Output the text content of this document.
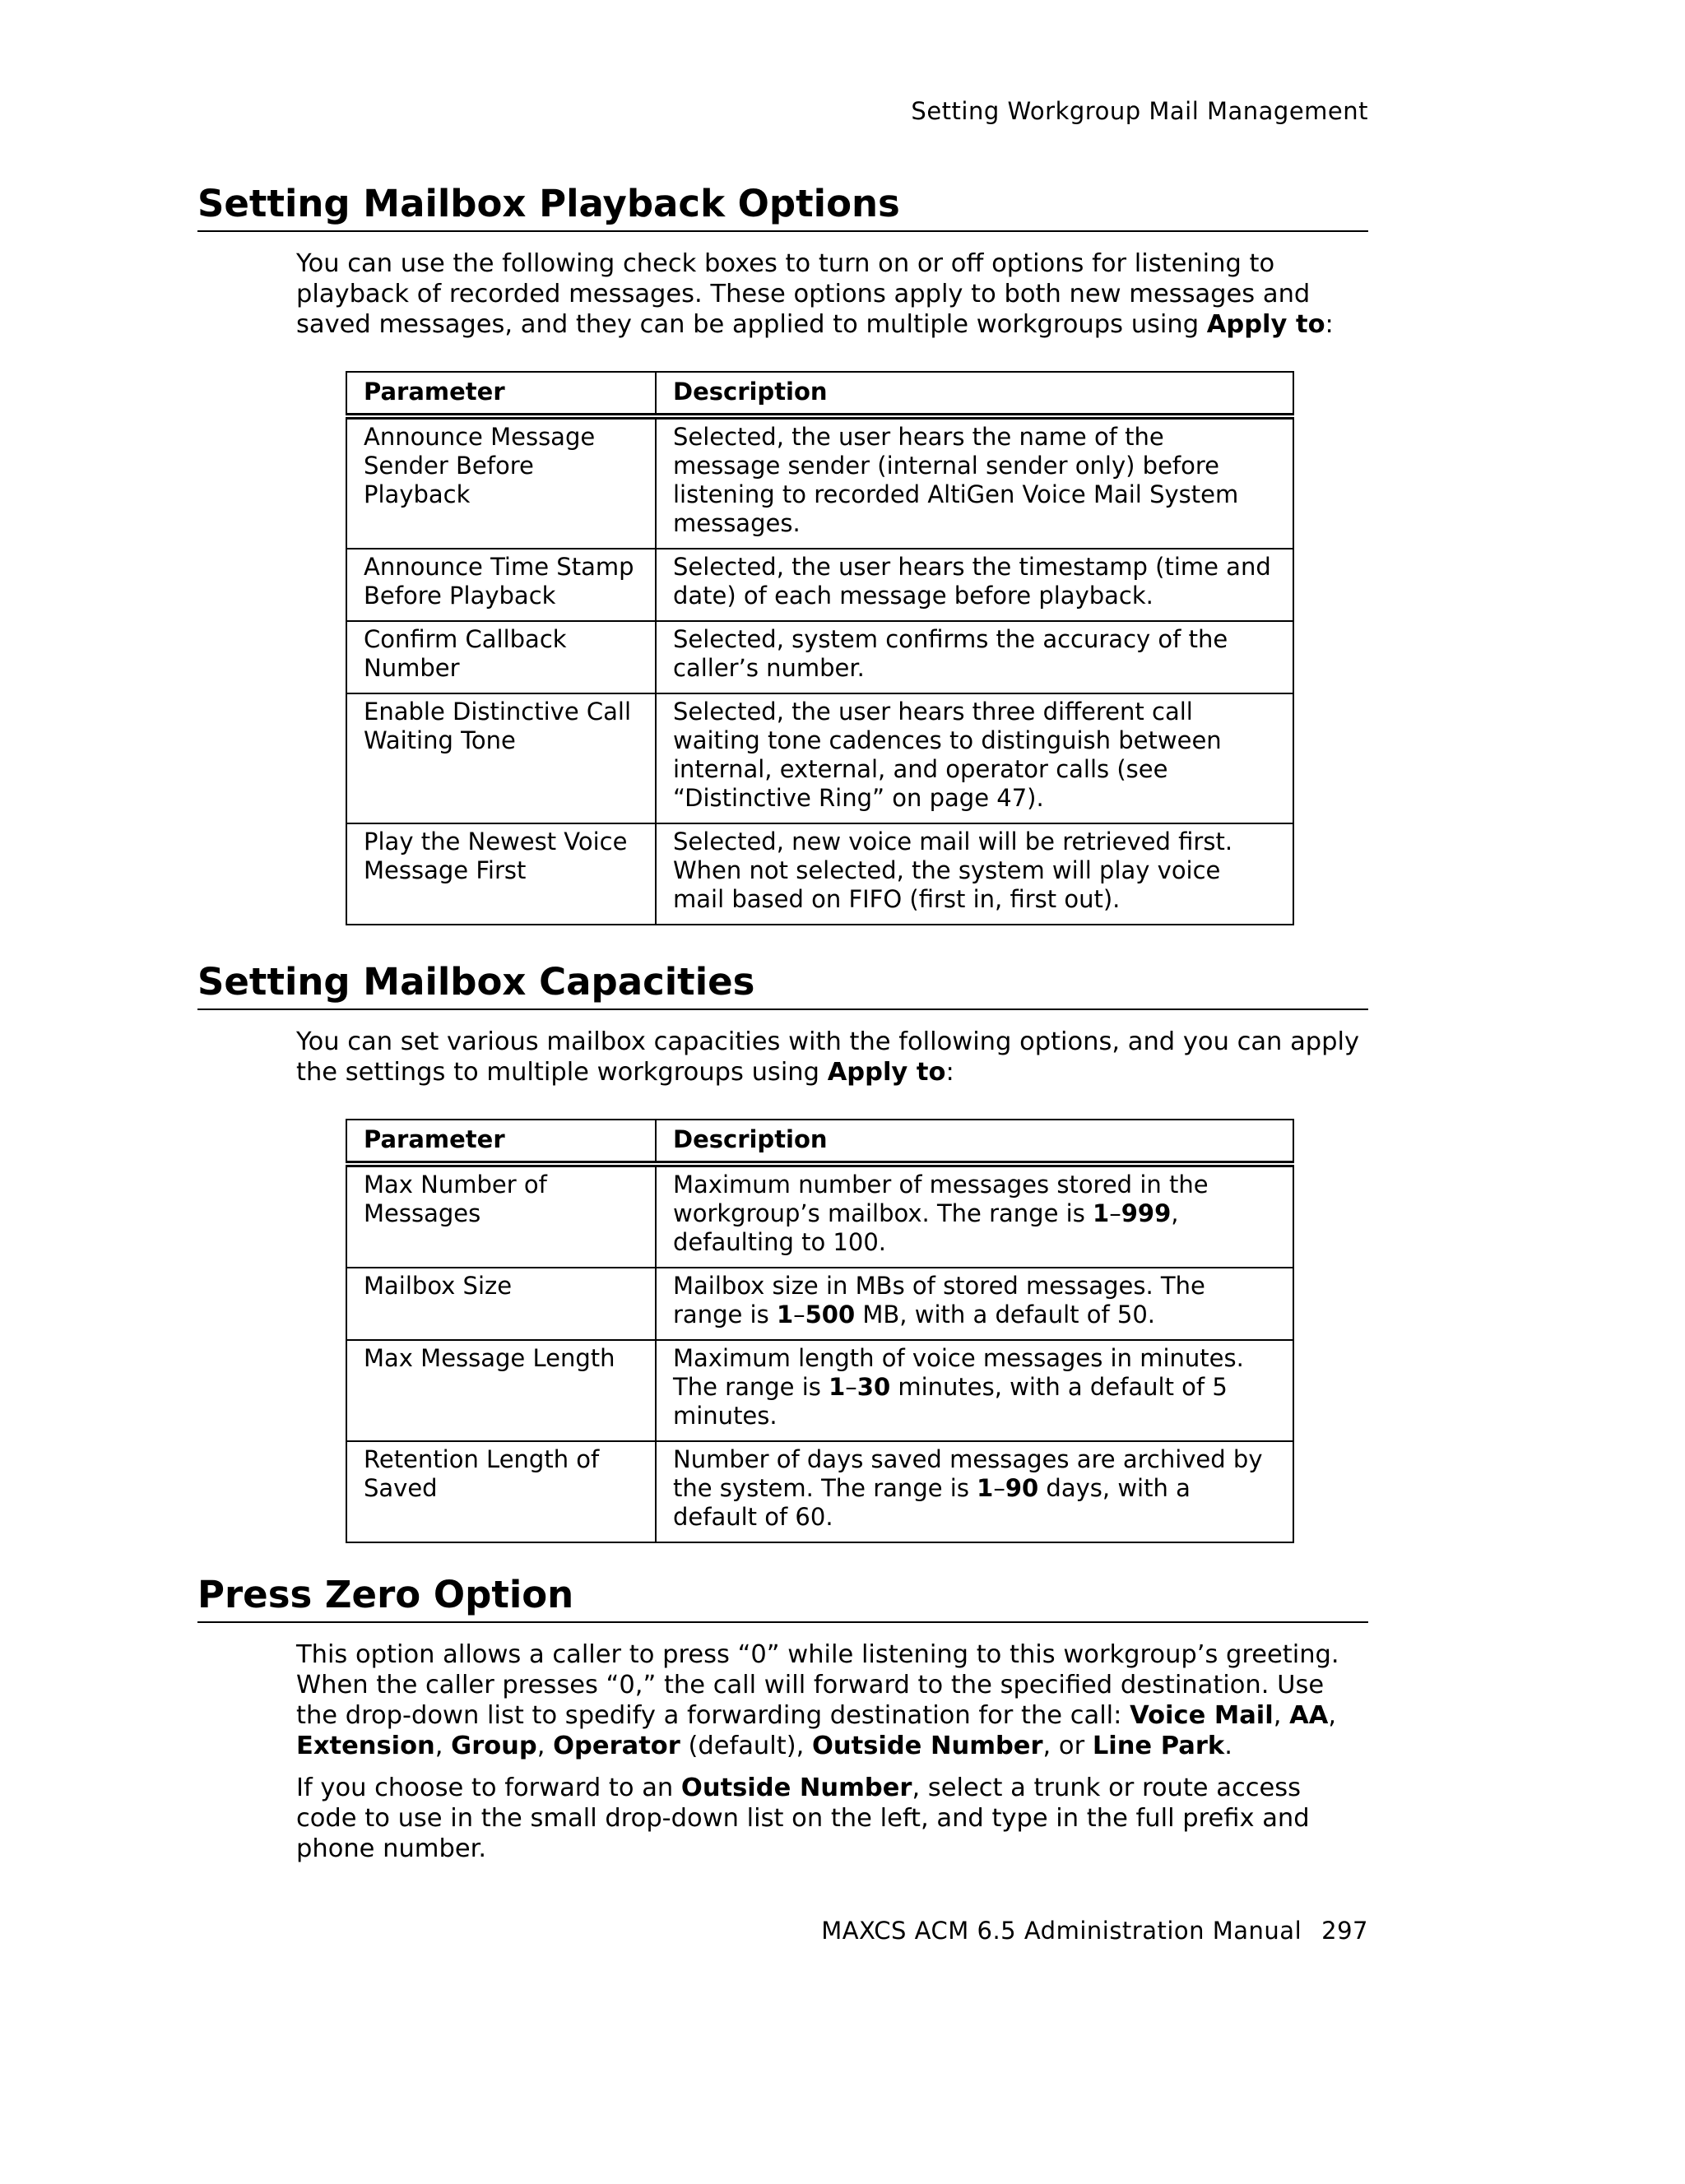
Setting Workgroup Mail Management
Setting Mailbox Playback Options

You can use the following check boxes to turn on or off options for listening to playback of recorded messages. These options apply to both new messages and saved messages, and they can be applied to multiple workgroups using Apply to:

Parameter	Description
Announce Message Sender Before Playback	Selected, the user hears the name of the message sender (internal sender only) before listening to recorded AltiGen Voice Mail System messages.
Announce Time Stamp Before Playback	Selected, the user hears the timestamp (time and date) of each message before playback.
Confirm Callback Number	Selected, system confirms the accuracy of the caller’s number.
Enable Distinctive Call Waiting Tone	Selected, the user hears three different call waiting tone cadences to distinguish between internal, external, and operator calls (see “Distinctive Ring” on page 47).
Play the Newest Voice Message First	Selected, new voice mail will be retrieved first. When not selected, the system will play voice mail based on FIFO (first in, first out).
Setting Mailbox Capacities

You can set various mailbox capacities with the following options, and you can apply the settings to multiple workgroups using Apply to:

Parameter	Description
Max Number of Messages	Maximum number of messages stored in the workgroup’s mailbox. The range is 1–999, defaulting to 100.
Mailbox Size	Mailbox size in MBs of stored messages. The range is 1–500 MB, with a default of 50.
Max Message Length	Maximum length of voice messages in minutes. The range is 1–30 minutes, with a default of 5 minutes.
Retention Length of Saved	Number of days saved messages are archived by the system. The range is 1–90 days, with a default of 60.
Press Zero Option

This option allows a caller to press “0” while listening to this workgroup’s greeting. When the caller presses “0,” the call will forward to the specified destination. Use the drop-down list to spedify a forwarding destination for the call: Voice Mail, AA, Extension, Group, Operator (default), Outside Number, or Line Park.

If you choose to forward to an Outside Number, select a trunk or route access code to use in the small drop-down list on the left, and type in the full prefix and phone number.

MAXCS ACM 6.5 Administration Manual 297
